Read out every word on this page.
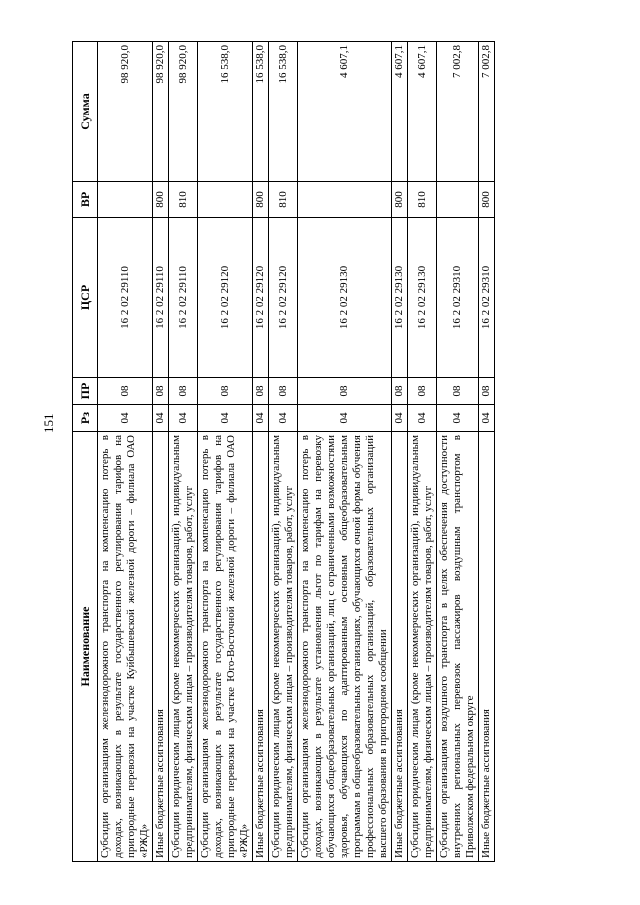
151
Наименование	Рз	ПР	ЦСР	ВР	Сумма
Субсидии организациям железнодорожного транспорта на компенсацию потерь в доходах, возникающих в результате государственного регулирования тарифов на пригородные перевозки на участке Куйбышевской железной дороги – филиала ОАО «РЖД»	04	08	16 2 02 29110		98 920,0
Иные бюджетные ассигнования	04	08	16 2 02 29110	800	98 920,0
Субсидии юридическим лицам (кроме некоммерческих организаций), индивидуальным предпринимателям, физическим лицам – производителям товаров, работ, услуг	04	08	16 2 02 29110	810	98 920,0
Субсидии организациям железнодорожного транспорта на компенсацию потерь в доходах, возникающих в результате государственного регулирования тарифов на пригородные перевозки на участке Юго-Восточной железной дороги – филиала ОАО «РЖД»	04	08	16 2 02 29120		16 538,0
Иные бюджетные ассигнования	04	08	16 2 02 29120	800	16 538,0
Субсидии юридическим лицам (кроме некоммерческих организаций), индивидуальным предпринимателям, физическим лицам – производителям товаров, работ, услуг	04	08	16 2 02 29120	810	16 538,0
Субсидии организациям железнодорожного транспорта на компенсацию потерь в доходах, возникающих в результате установления льгот по тарифам на перевозку обучающихся общеобразовательных организаций, лиц с ограниченными возможностями здоровья, обучающихся по адаптированным основным общеобразовательным программам в общеобразовательных организациях, обучающихся очной формы обучения профессиональных образовательных организаций, образовательных организаций высшего образования в пригородном сообщении	04	08	16 2 02 29130		4 607,1
Иные бюджетные ассигнования	04	08	16 2 02 29130	800	4 607,1
Субсидии юридическим лицам (кроме некоммерческих организаций), индивидуальным предпринимателям, физическим лицам – производителям товаров, работ, услуг	04	08	16 2 02 29130	810	4 607,1
Субсидии организациям воздушного транспорта в целях обеспечения доступности внутренних региональных перевозок пассажиров воздушным транспортом в Приволжском федеральном округе	04	08	16 2 02 29310		7 002,8
Иные бюджетные ассигнования	04	08	16 2 02 29310	800	7 002,8
